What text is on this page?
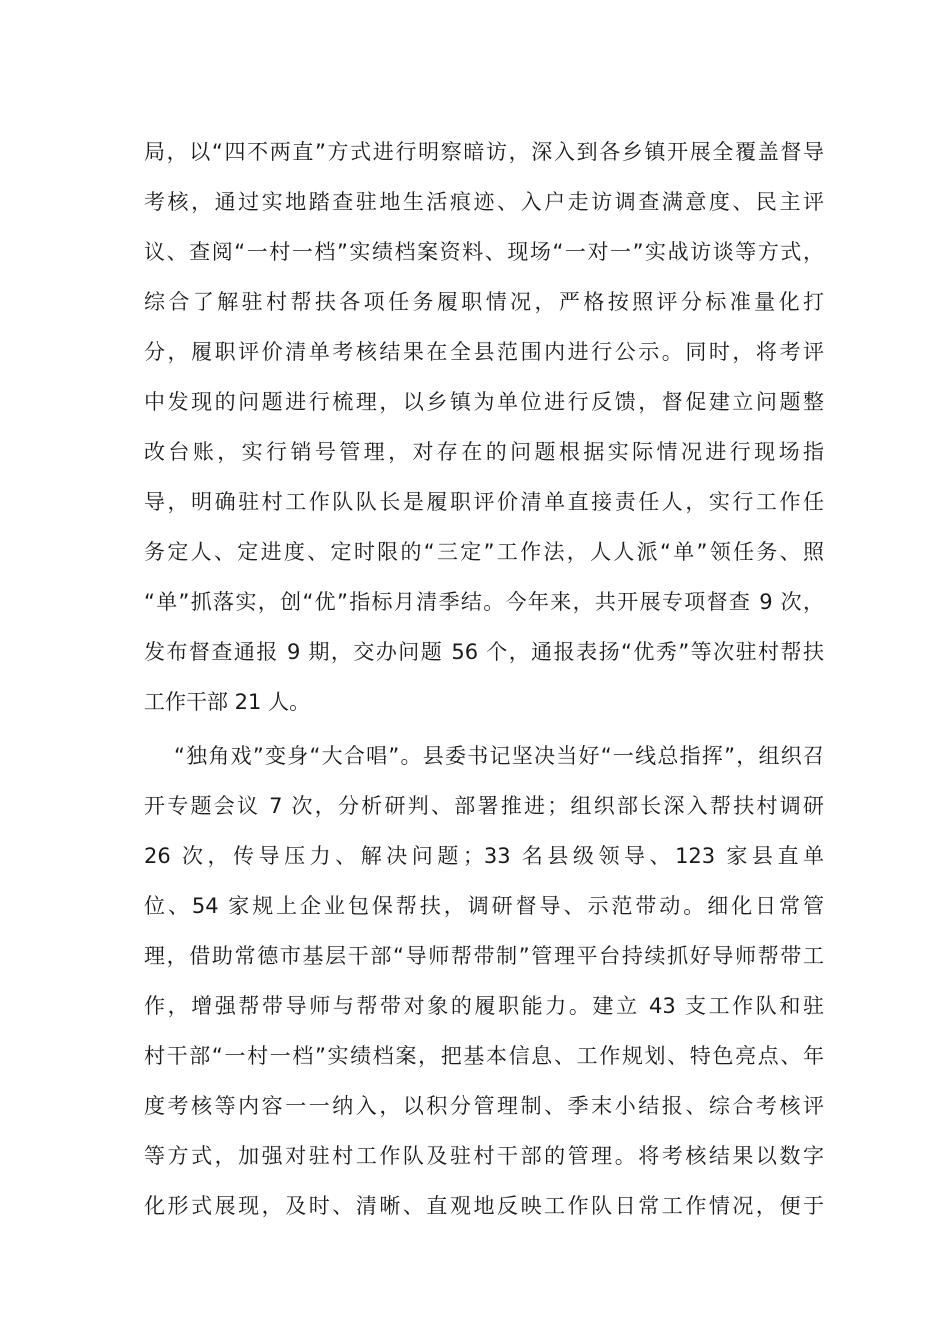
局，以“四不两直”方式进行明察暗访，深入到各乡镇开展全覆盖督导
考核，通过实地踏查驻地生活痕迹、入户走访调查满意度、民主评
议、查阅“一村一档”实绩档案资料、现场“一对一”实战访谈等方式，
综合了解驻村帮扶各项任务履职情况，严格按照评分标准量化打
分，履职评价清单考核结果在全县范围内进行公示。同时，将考评
中发现的问题进行梳理，以乡镇为单位进行反馈，督促建立问题整
改台账，实行销号管理，对存在的问题根据实际情况进行现场指
导，明确驻村工作队队长是履职评价清单直接责任人，实行工作任
务定人、定进度、定时限的“三定”工作法，人人派“单”领任务、照
“单”抓落实，创“优”指标月清季结。今年来，共开展专项督查 9 次，
发布督查通报 9 期，交办问题 56 个，通报表扬“优秀”等次驻村帮扶
工作干部 21 人。
“独角戏”变身“大合唱”。县委书记坚决当好“一线总指挥”，组织召
开专题会议 7 次，分析研判、部署推进；组织部长深入帮扶村调研
26 次，传导压力、解决问题；33 名县级领导、123 家县直单
位、54 家规上企业包保帮扶，调研督导、示范带动。细化日常管
理，借助常德市基层干部“导师帮带制”管理平台持续抓好导师帮带工
作，增强帮带导师与帮带对象的履职能力。建立 43 支工作队和驻
村干部“一村一档”实绩档案，把基本信息、工作规划、特色亮点、年
度考核等内容一一纳入，以积分管理制、季末小结报、综合考核评
等方式，加强对驻村工作队及驻村干部的管理。将考核结果以数字
化形式展现，及时、清晰、直观地反映工作队日常工作情况，便于
